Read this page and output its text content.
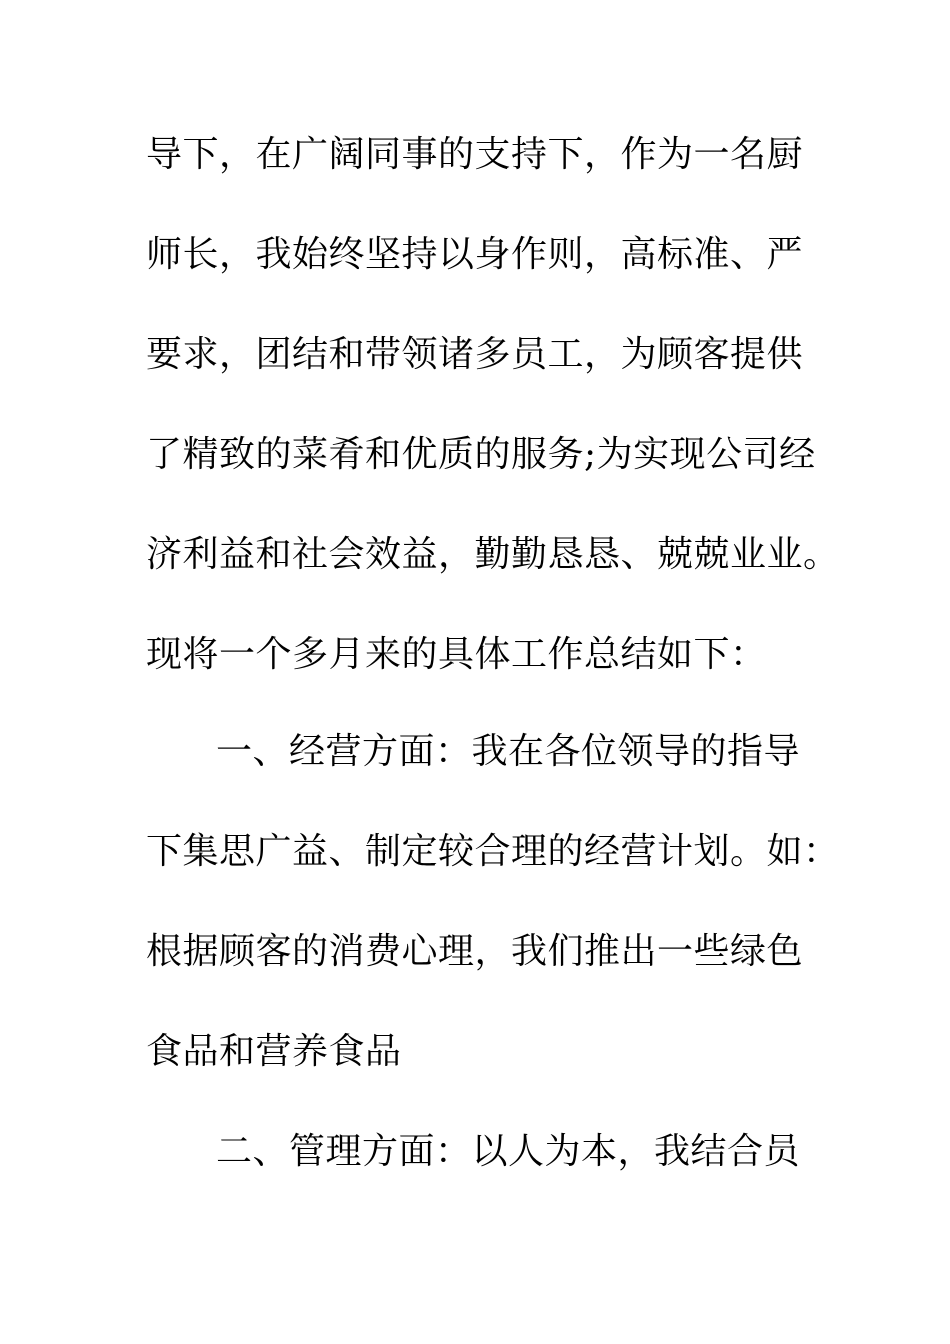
导下，在广阔同事的支持下，作为一名厨
师长，我始终坚持以身作则，高标准、严
要求，团结和带领诸多员工，为顾客提供
了精致的菜肴和优质的服务;为实现公司经
济利益和社会效益，勤勤恳恳、兢兢业业。
现将一个多月来的具体工作总结如下：
一、经营方面：我在各位领导的指导
下集思广益、制定较合理的经营计划。如：
根据顾客的消费心理，我们推出一些绿色
食品和营养食品
二、管理方面：以人为本，我结合员
